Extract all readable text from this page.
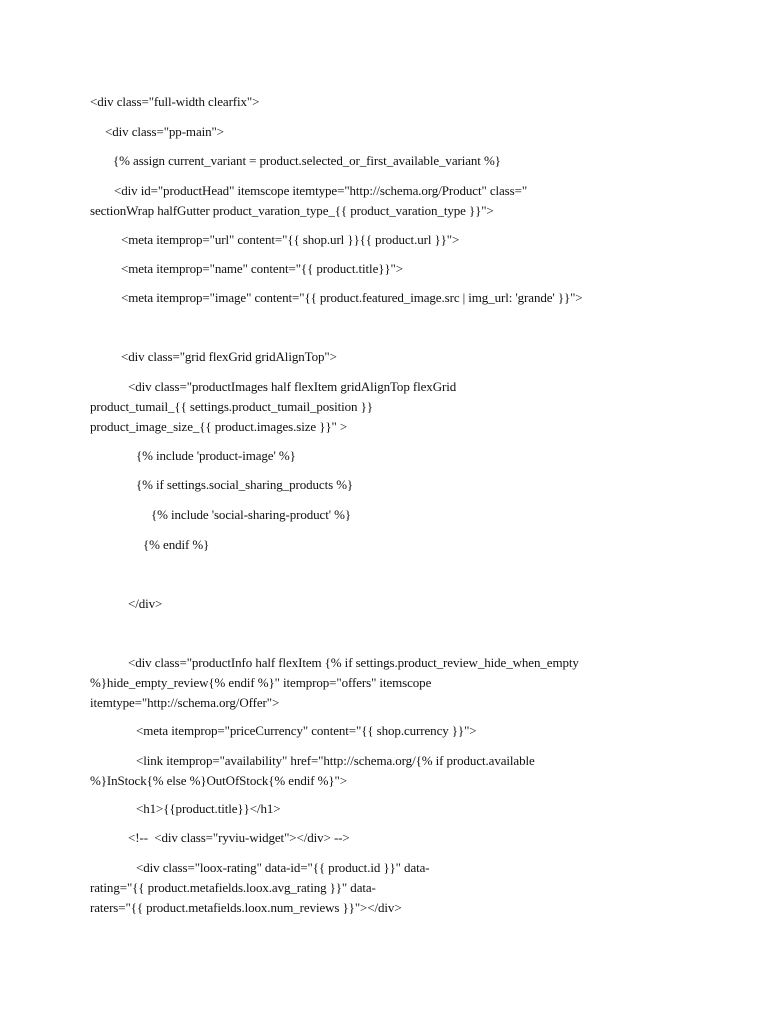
<div class="full-width clearfix">
<div class="pp-main">
{% assign current_variant = product.selected_or_first_available_variant %}
<div id="productHead" itemscope itemtype="http://schema.org/Product" class="
sectionWrap halfGutter product_varation_type_{{ product_varation_type }}">
<meta itemprop="url" content="{{ shop.url }}{{ product.url }}">
<meta itemprop="name" content="{{ product.title}}">
<meta itemprop="image" content="{{ product.featured_image.src | img_url: 'grande' }}">
<div class="grid flexGrid gridAlignTop">
<div class="productImages half flexItem gridAlignTop flexGrid
product_tumail_{{ settings.product_tumail_position }}
product_image_size_{{ product.images.size }}" >
{% include 'product-image' %}
{% if settings.social_sharing_products %}
{% include 'social-sharing-product' %}
{% endif %}
</div>
<div class="productInfo half flexItem {% if settings.product_review_hide_when_empty
%}hide_empty_review{% endif %}" itemprop="offers" itemscope
itemtype="http://schema.org/Offer">
<meta itemprop="priceCurrency" content="{{ shop.currency }}">
<link itemprop="availability" href="http://schema.org/{% if product.available
%}InStock{% else %}OutOfStock{% endif %}">
<h1>{{product.title}}</h1>
<!--  <div class="ryviu-widget"></div> -->
<div class="loox-rating" data-id="{{ product.id }}" data-
rating="{{ product.metafields.loox.avg_rating }}" data-
raters="{{ product.metafields.loox.num_reviews }}"></div>
